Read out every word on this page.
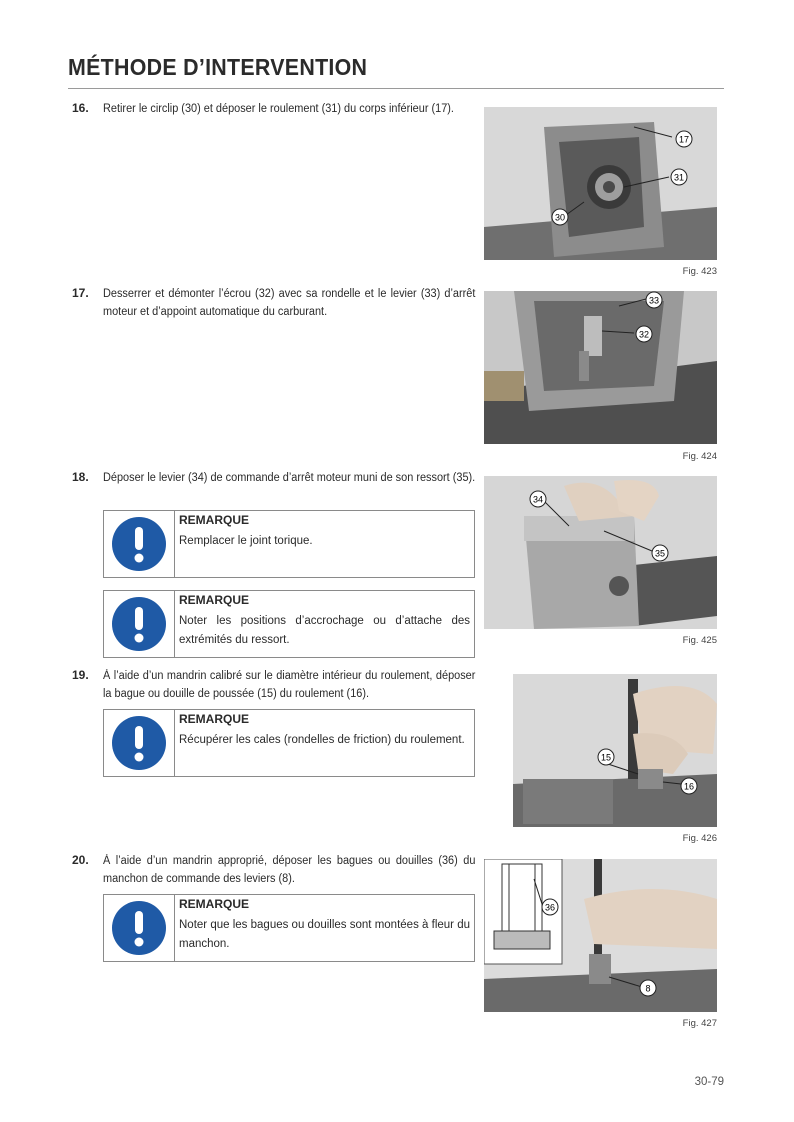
MÉTHODE D’INTERVENTION
16. Retirer le circlip (30) et déposer le roulement (31) du corps inférieur (17).
17. Desserrer et démonter l’écrou (32) avec sa rondelle et le levier (33) d’arrêt moteur et d’appoint automatique du carburant.
18. Déposer le levier (34) de commande d’arrêt moteur muni de son ressort (35).
REMARQUE
Remplacer le joint torique.
REMARQUE
Noter les positions d’accrochage ou d’attache des extrémités du ressort.
19. À l’aide d’un mandrin calibré sur le diamètre intérieur du roulement, déposer la bague ou douille de poussée (15) du roulement (16).
REMARQUE
Récupérer les cales (rondelles de friction) du roulement.
20. À l’aide d’un mandrin approprié, déposer les bagues ou douilles (36) du manchon de commande des leviers (8).
REMARQUE
Noter que les bagues ou douilles sont montées à fleur du manchon.
17
31
30
Fig. 423
33
32
Fig. 424
34
35
Fig. 425
15
16
Fig. 426
36
8
Fig. 427
30-79
